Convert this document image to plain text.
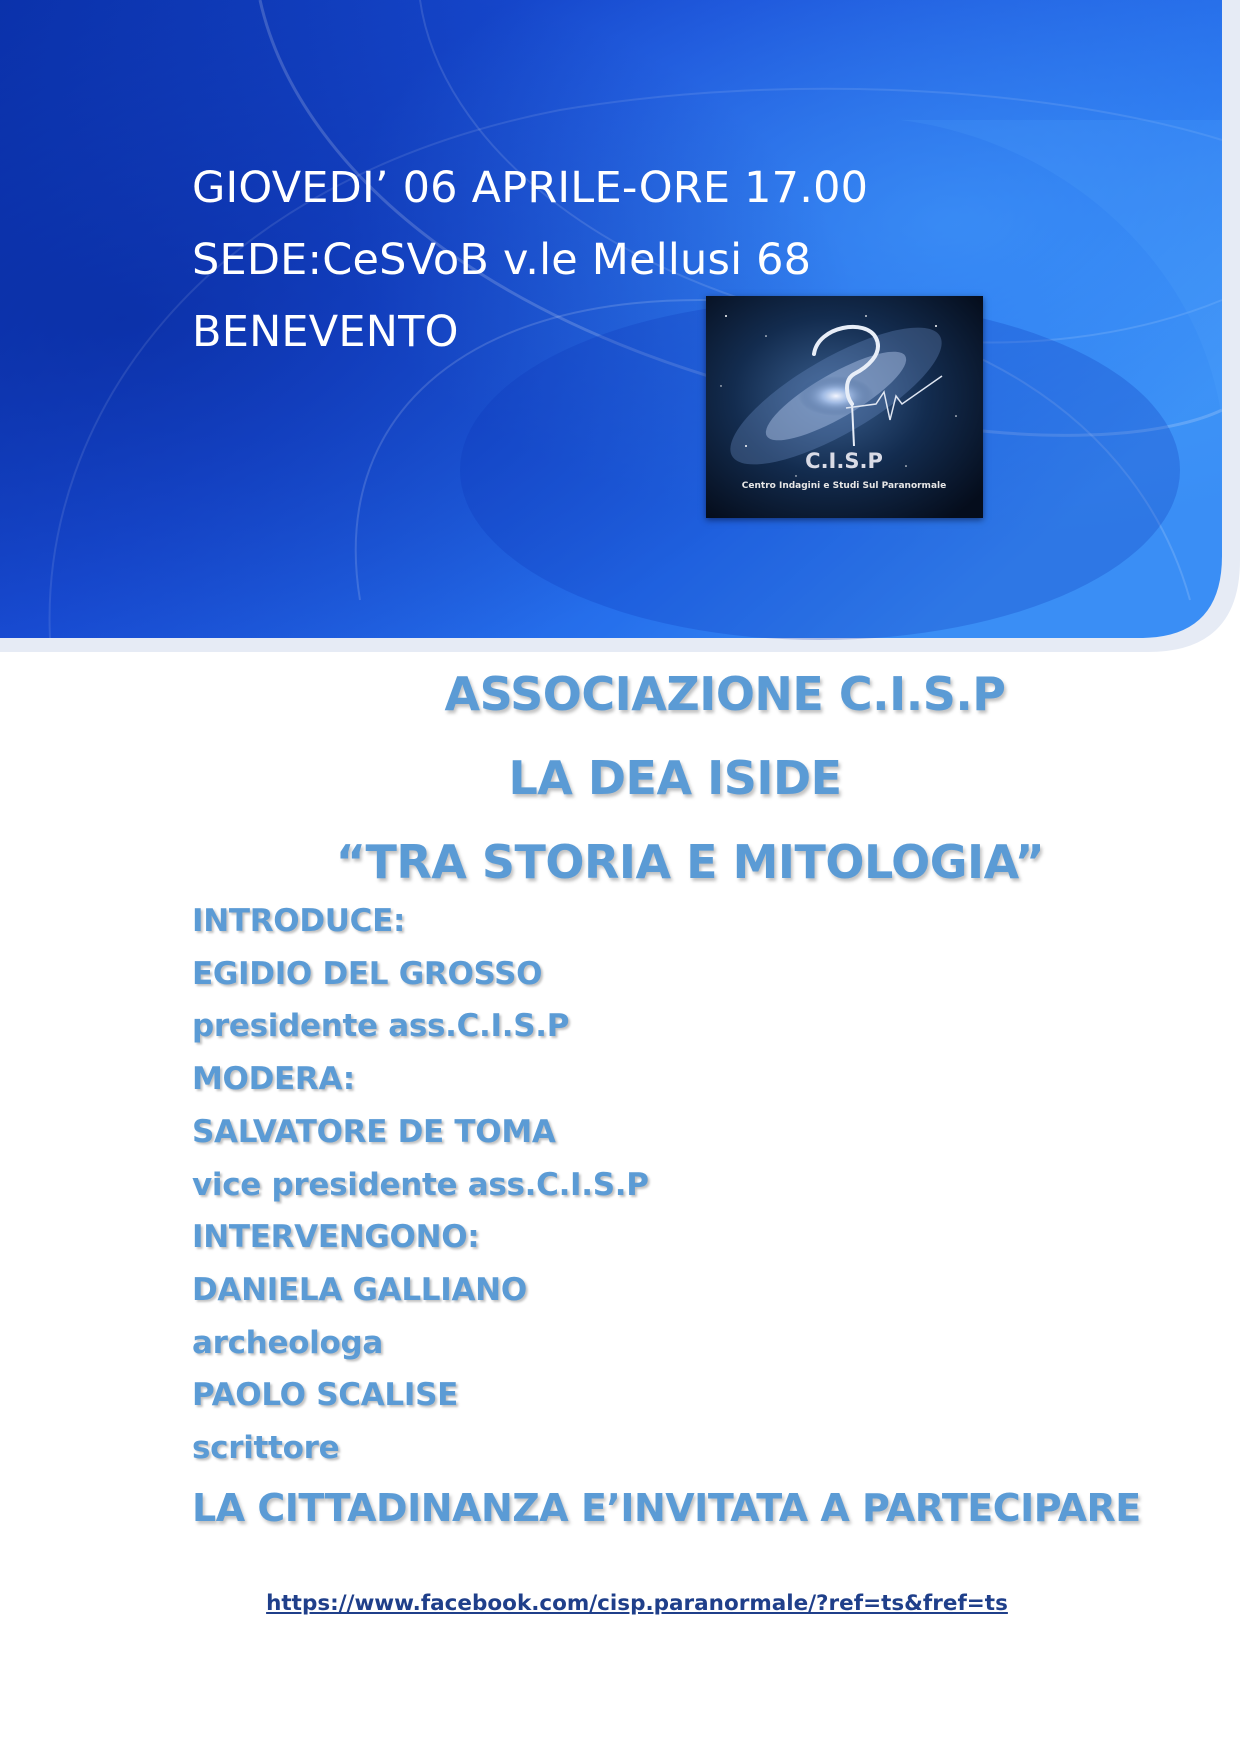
GIOVEDI’ 06 APRILE-ORE 17.00
SEDE:CeSVoB v.le Mellusi 68
BENEVENTO
C.I.S.P
Centro Indagini e Studi Sul Paranormale
ASSOCIAZIONE C.I.S.P
LA DEA ISIDE
“TRA STORIA E MITOLOGIA”
INTRODUCE:
EGIDIO DEL GROSSO
presidente ass.C.I.S.P
MODERA:
SALVATORE DE TOMA
vice presidente ass.C.I.S.P
INTERVENGONO:
DANIELA GALLIANO
archeologa
PAOLO SCALISE
scrittore
LA CITTADINANZA E’INVITATA A PARTECIPARE
https://www.facebook.com/cisp.paranormale/?ref=ts&fref=ts
